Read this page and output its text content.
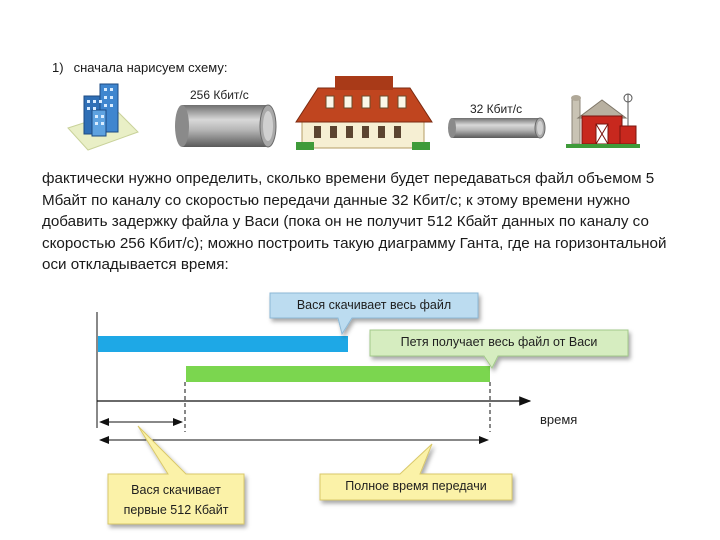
1) сначала нарисуем схему:
256 Кбит/с
32 Кбит/с
фактически нужно определить, сколько времени будет передаваться файл объемом 5 Мбайт по каналу со скоростью передачи данные 32 Кбит/с; к этому времени нужно добавить задержку файла у Васи (пока он не получит 512 Кбайт данных по каналу со скоростью 256 Кбит/с); можно построить такую диаграмму Ганта, где на горизонтальной оси откладывается время:
Вася скачивает весь файл
Петя получает весь файл от Васи
время
Вася скачивает
первые 512 Кбайт
Полное время передачи
